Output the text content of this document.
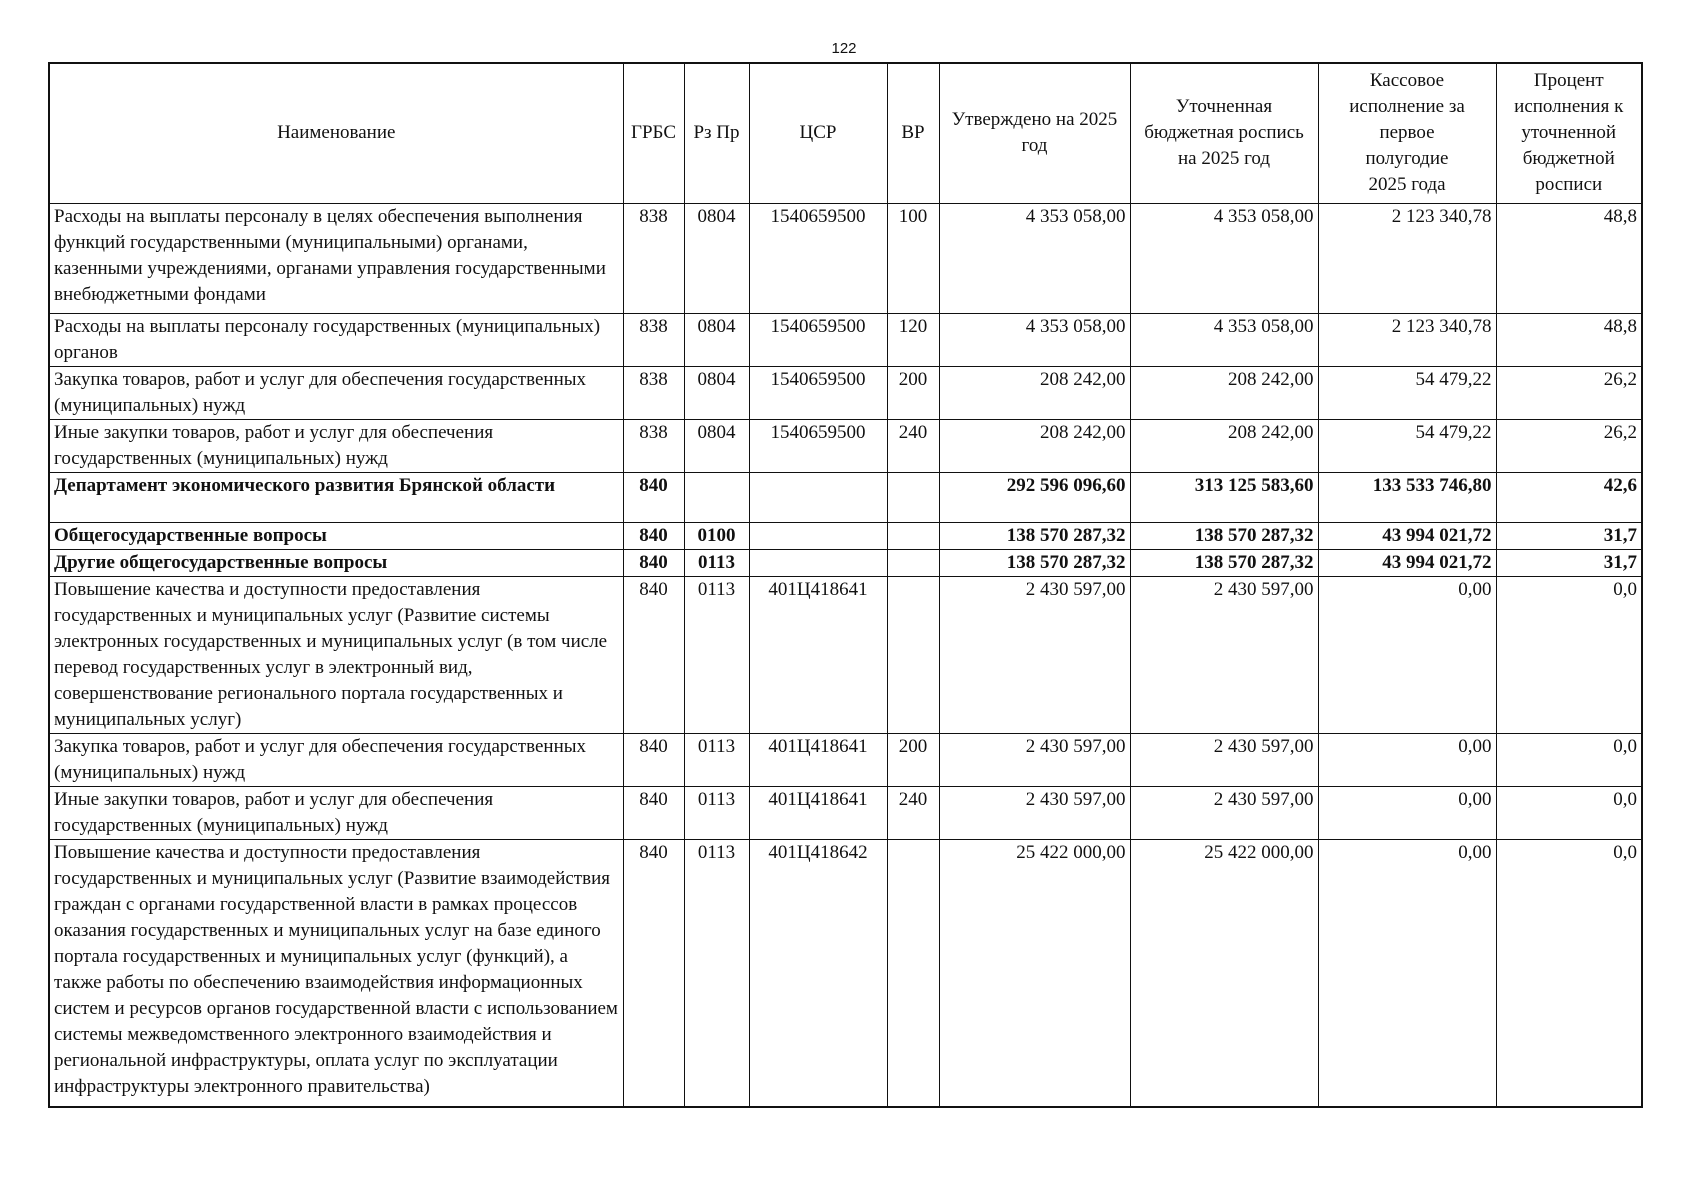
122
Наименование	ГРБС	Рз Пр	ЦСР	ВР	Утверждено на 2025 год	Уточненная бюджетная роспись на 2025 год	Кассовое исполнение за первое полугодие 2025 года	Процент исполнения к уточненной бюджетной росписи
Расходы на выплаты персоналу в целях обеспечения выполнения функций государственными (муниципальными) органами, казенными учреждениями, органами управления государственными внебюджетными фондами	838	0804	1540659500	100	4 353 058,00	4 353 058,00	2 123 340,78	48,8
Расходы на выплаты персоналу государственных (муниципальных) органов	838	0804	1540659500	120	4 353 058,00	4 353 058,00	2 123 340,78	48,8
Закупка товаров, работ и услуг для обеспечения государственных (муниципальных) нужд	838	0804	1540659500	200	208 242,00	208 242,00	54 479,22	26,2
Иные закупки товаров, работ и услуг для обеспечения государственных (муниципальных) нужд	838	0804	1540659500	240	208 242,00	208 242,00	54 479,22	26,2
Департамент экономического развития Брянской области	840				292 596 096,60	313 125 583,60	133 533 746,80	42,6
Общегосударственные вопросы	840	0100			138 570 287,32	138 570 287,32	43 994 021,72	31,7
Другие общегосударственные вопросы	840	0113			138 570 287,32	138 570 287,32	43 994 021,72	31,7
Повышение качества и доступности предоставления государственных и муниципальных услуг (Развитие системы электронных государственных и муниципальных услуг (в том числе перевод государственных услуг в электронный вид, совершенствование регионального портала государственных и муниципальных услуг)	840	0113	401Ц418641		2 430 597,00	2 430 597,00	0,00	0,0
Закупка товаров, работ и услуг для обеспечения государственных (муниципальных) нужд	840	0113	401Ц418641	200	2 430 597,00	2 430 597,00	0,00	0,0
Иные закупки товаров, работ и услуг для обеспечения государственных (муниципальных) нужд	840	0113	401Ц418641	240	2 430 597,00	2 430 597,00	0,00	0,0
Повышение качества и доступности предоставления государственных и муниципальных услуг (Развитие взаимодействия граждан с органами государственной власти в рамках процессов оказания государственных и муниципальных услуг на базе единого портала государственных и муниципальных услуг (функций), а также работы по обеспечению взаимодействия информационных систем и ресурсов органов государственной власти с использованием системы межведомственного электронного взаимодействия и региональной инфраструктуры, оплата услуг по эксплуатации инфраструктуры электронного правительства)	840	0113	401Ц418642		25 422 000,00	25 422 000,00	0,00	0,0
